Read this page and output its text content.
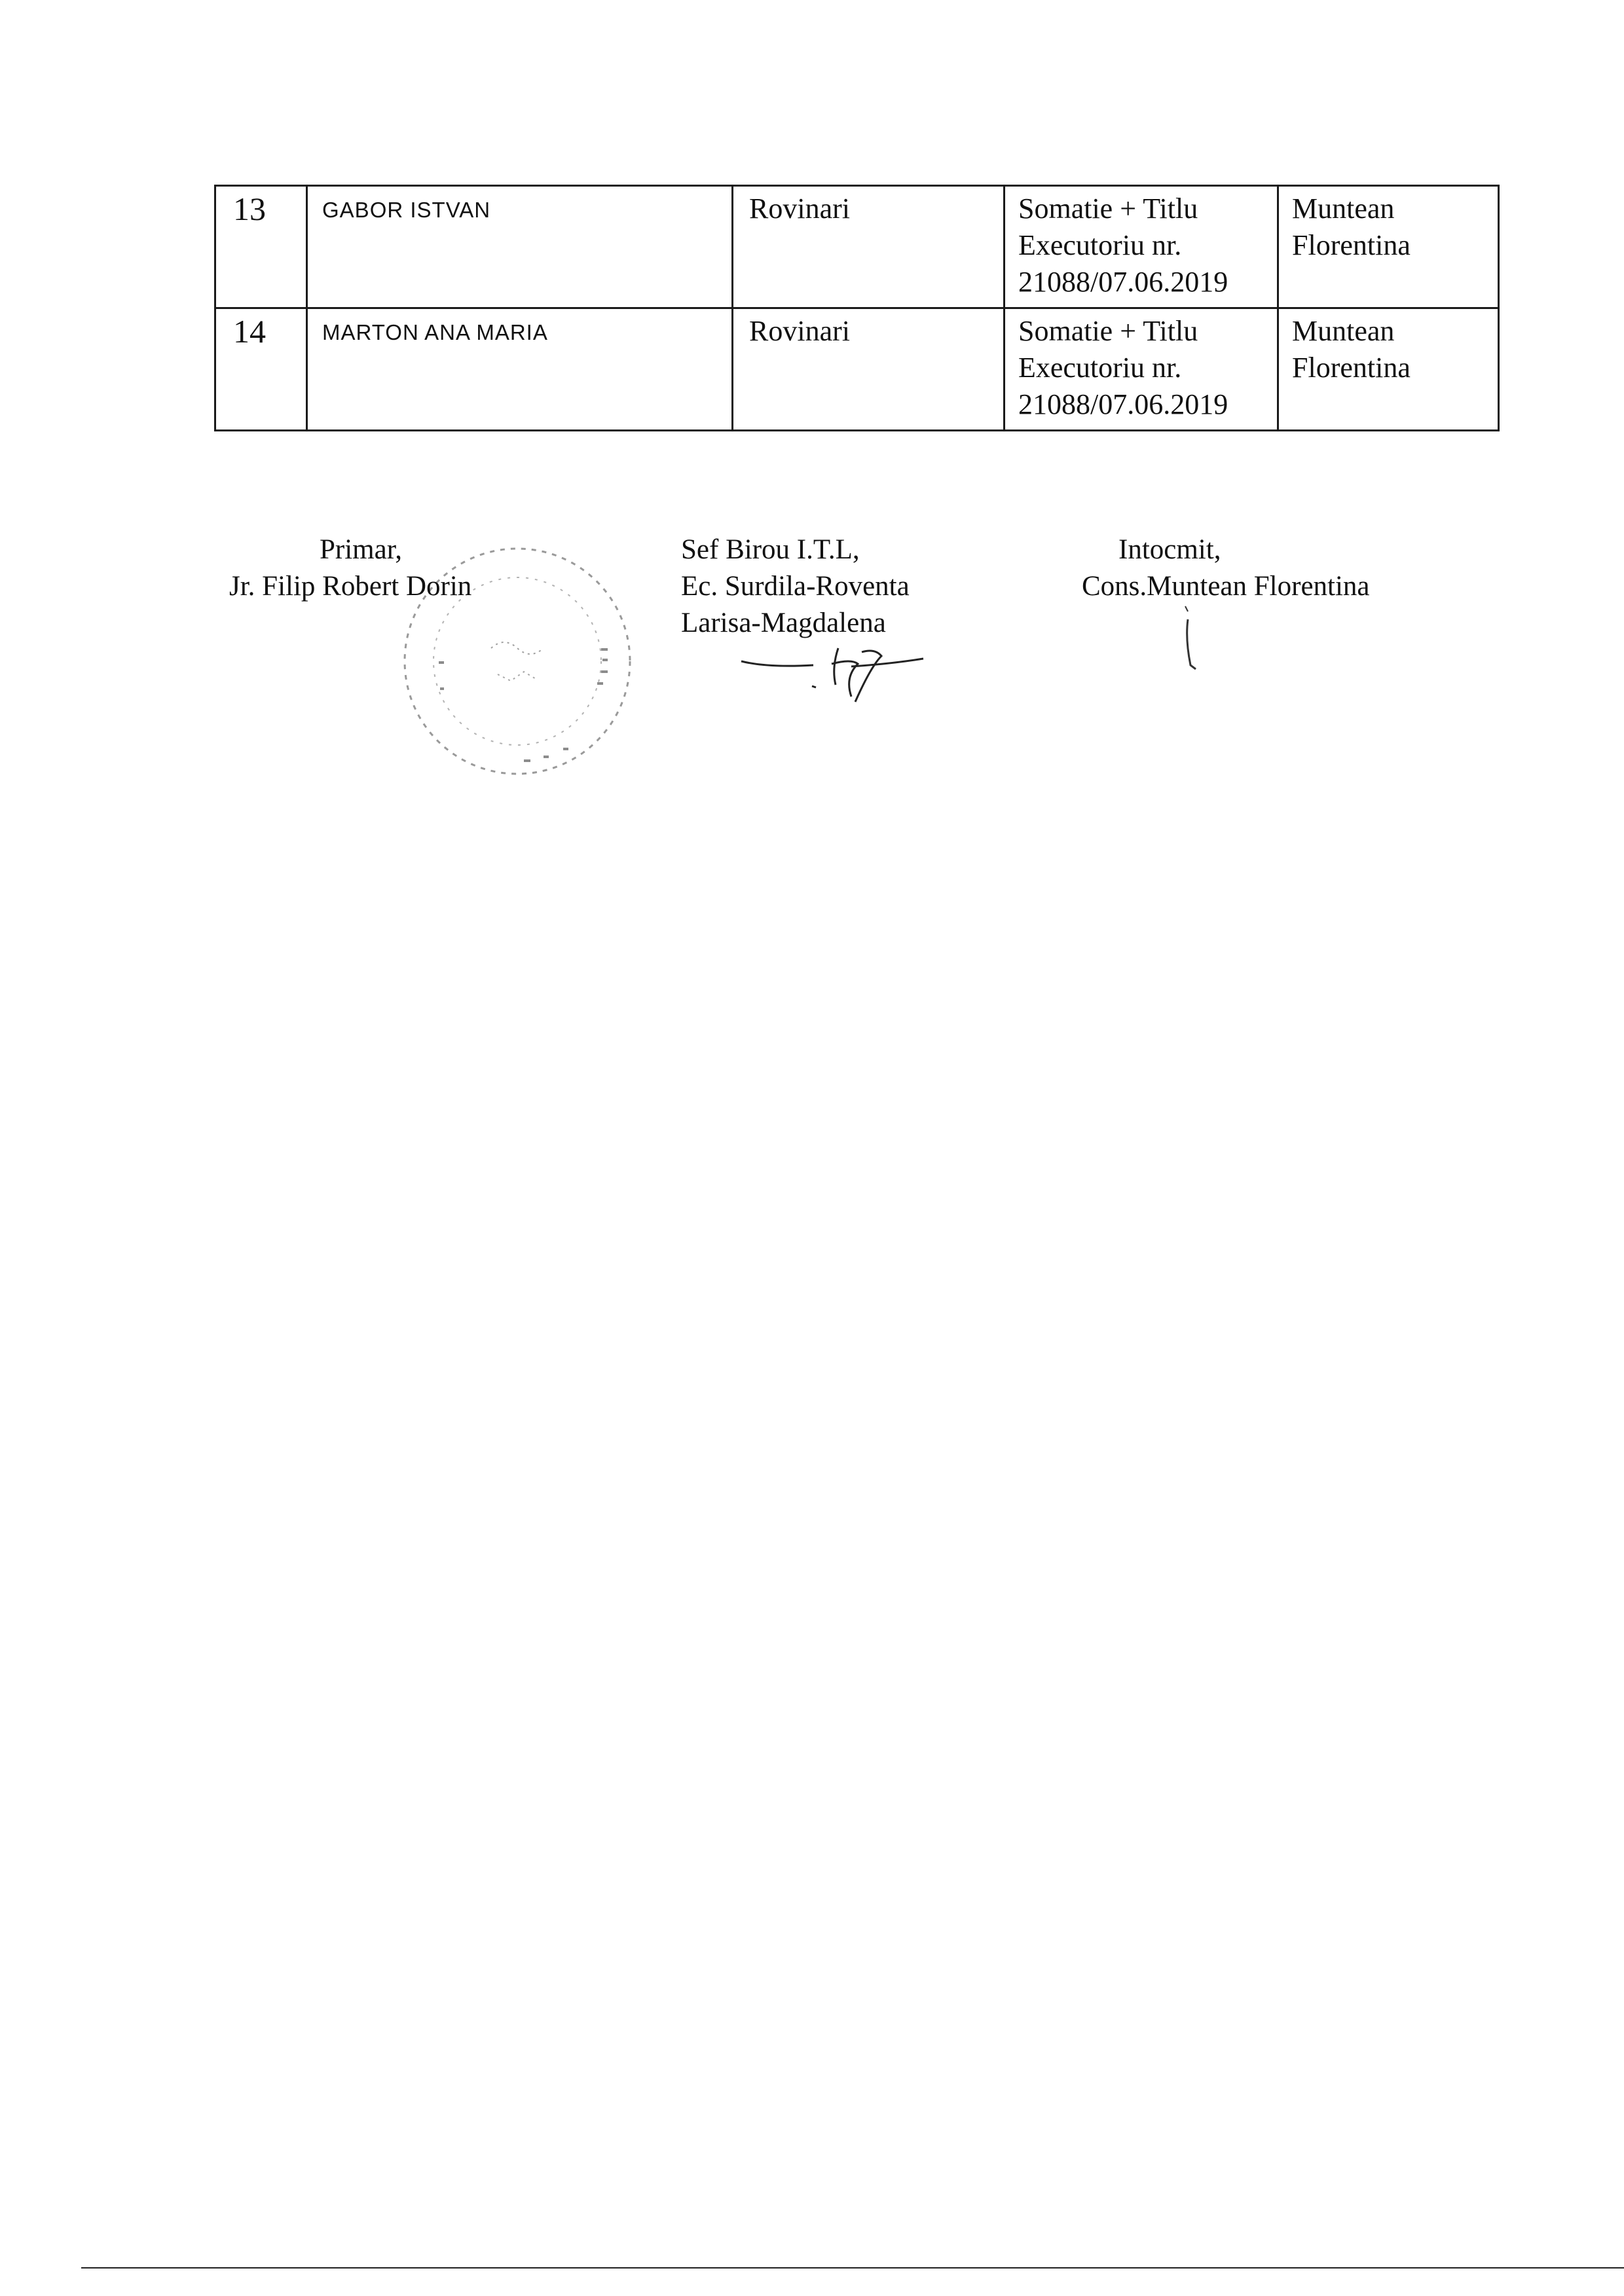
13	GABOR ISTVAN	Rovinari	Somatie + Titlu
Executoriu nr.
21088/07.06.2019	Muntean
Florentina

14	MARTON ANA MARIA	Rovinari	Somatie + Titlu
Executoriu nr.
21088/07.06.2019	Muntean
Florentina
Primar,
Jr. Filip Robert Dorin
Sef Birou I.T.L,
Ec. Surdila-Roventa
Larisa-Magdalena
Intocmit,
Cons.Muntean Florentina
